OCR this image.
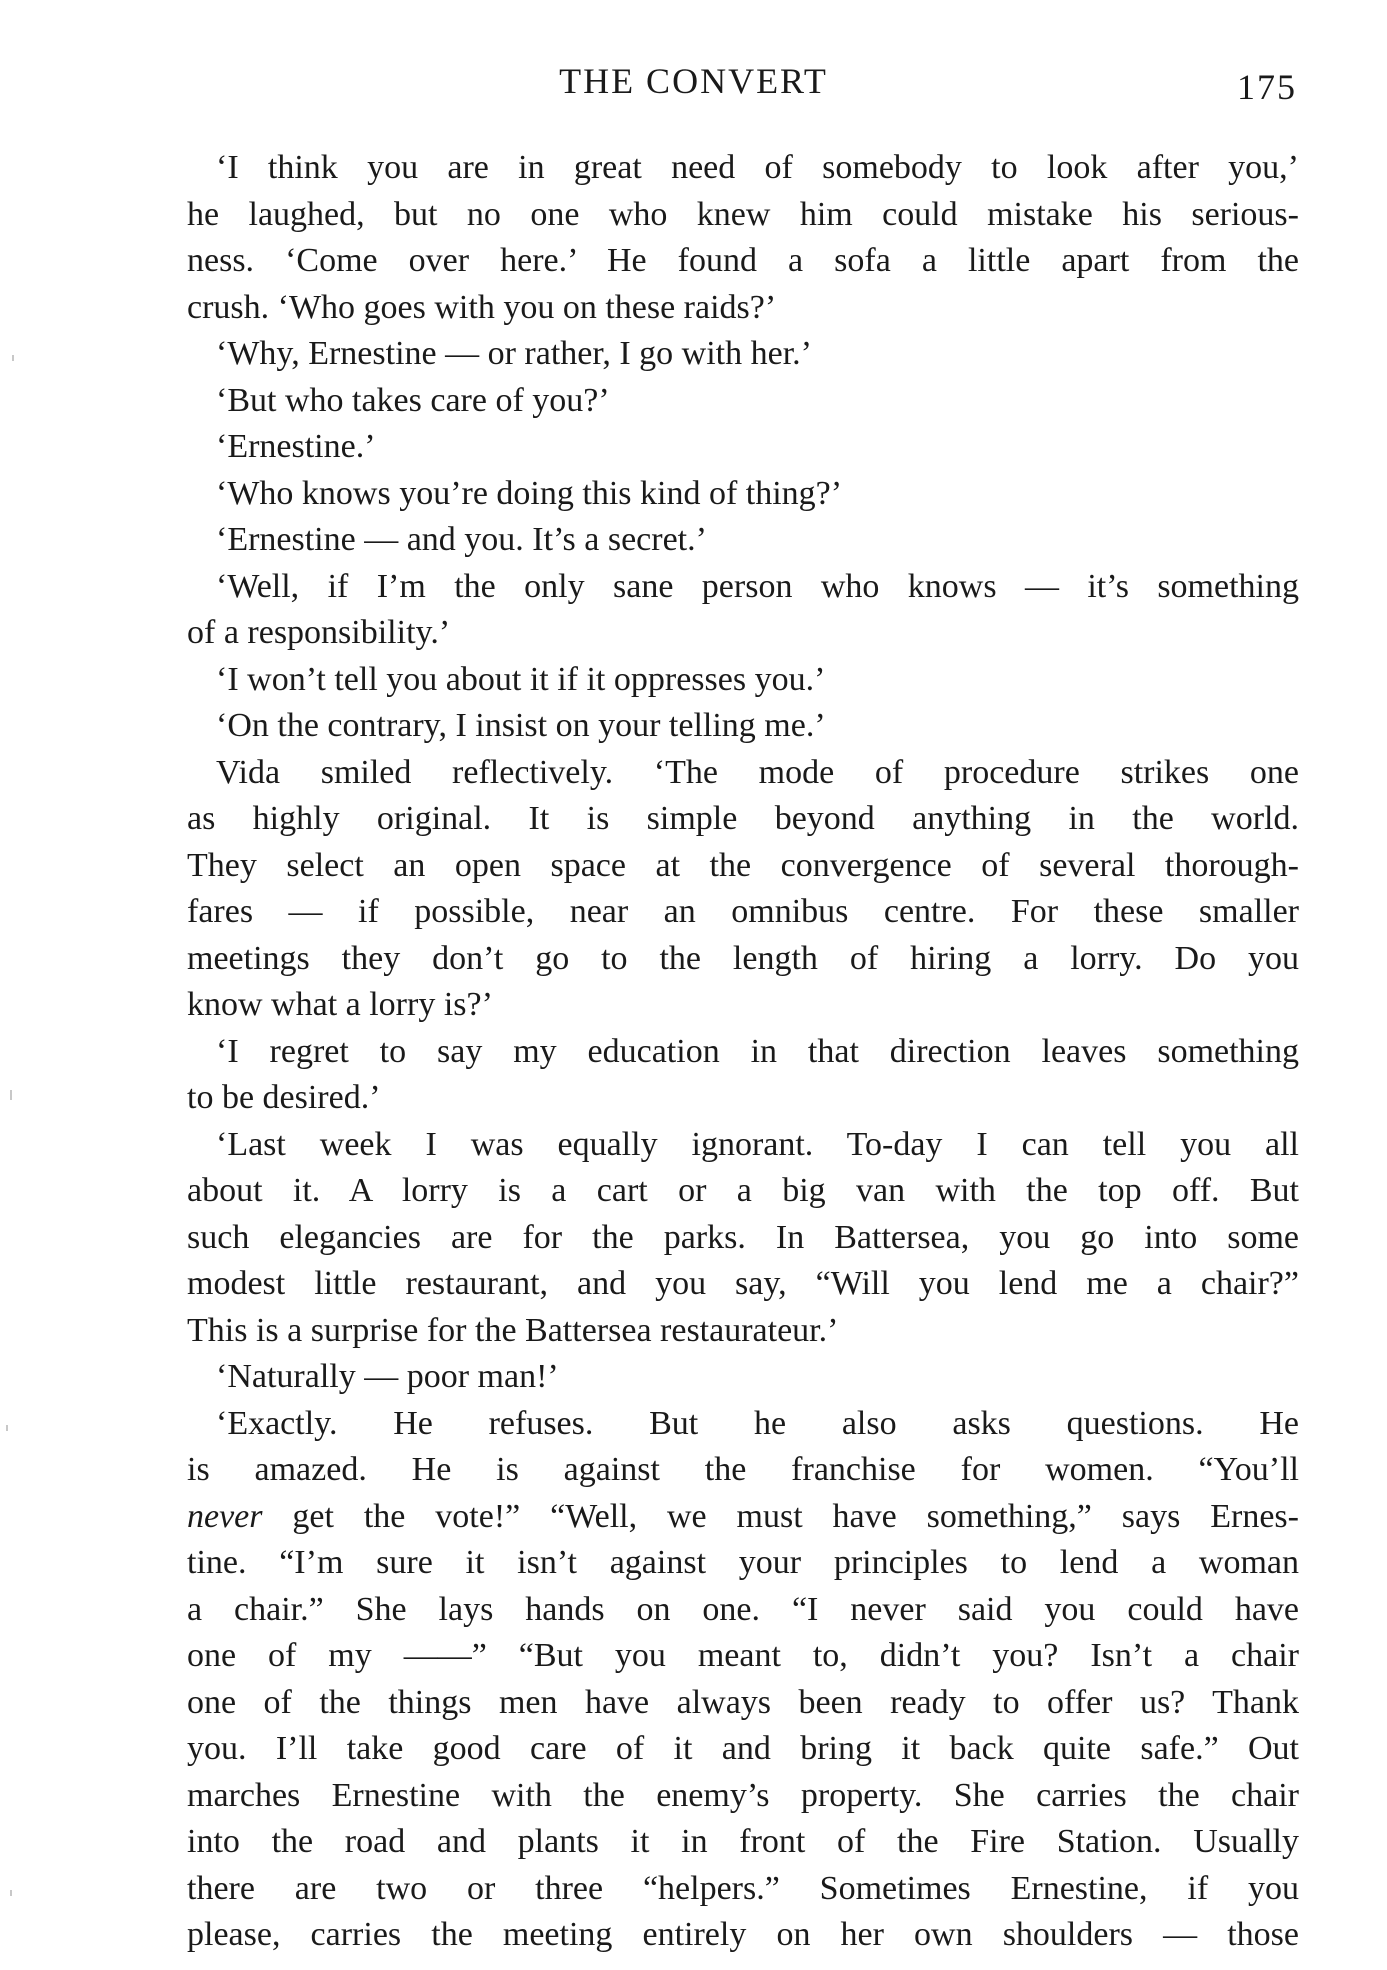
THE CONVERT	175
‘I think you are in great need of somebody to look after you,’
he laughed, but no one who knew him could mistake his serious-
ness. ‘Come over here.’ He found a sofa a little apart from the
crush. ‘Who goes with you on these raids?’
‘Why, Ernestine — or rather, I go with her.’
‘But who takes care of you?’
‘Ernestine.’
‘Who knows you’re doing this kind of thing?’
‘Ernestine — and you. It’s a secret.’
‘Well, if I’m the only sane person who knows — it’s something
of a responsibility.’
‘I won’t tell you about it if it oppresses you.’
‘On the contrary, I insist on your telling me.’
Vida smiled reflectively. ‘The mode of procedure strikes one
as highly original. It is simple beyond anything in the world.
They select an open space at the convergence of several thorough-
fares — if possible, near an omnibus centre. For these smaller
meetings they don’t go to the length of hiring a lorry. Do you
know what a lorry is?’
‘I regret to say my education in that direction leaves something
to be desired.’
‘Last week I was equally ignorant. To-day I can tell you all
about it. A lorry is a cart or a big van with the top off. But
such elegancies are for the parks. In Battersea, you go into some
modest little restaurant, and you say, “Will you lend me a chair?”
This is a surprise for the Battersea restaurateur.’
‘Naturally — poor man!’
‘Exactly. He refuses. But he also asks questions. He
is amazed. He is against the franchise for women. “You’ll
never get the vote!” “Well, we must have something,” says Ernes-
tine. “I’m sure it isn’t against your principles to lend a woman
a chair.” She lays hands on one. “I never said you could have
one of my ——” “But you meant to, didn’t you? Isn’t a chair
one of the things men have always been ready to offer us? Thank
you. I’ll take good care of it and bring it back quite safe.” Out
marches Ernestine with the enemy’s property. She carries the chair
into the road and plants it in front of the Fire Station. Usually
there are two or three “helpers.” Sometimes Ernestine, if you
please, carries the meeting entirely on her own shoulders — those
